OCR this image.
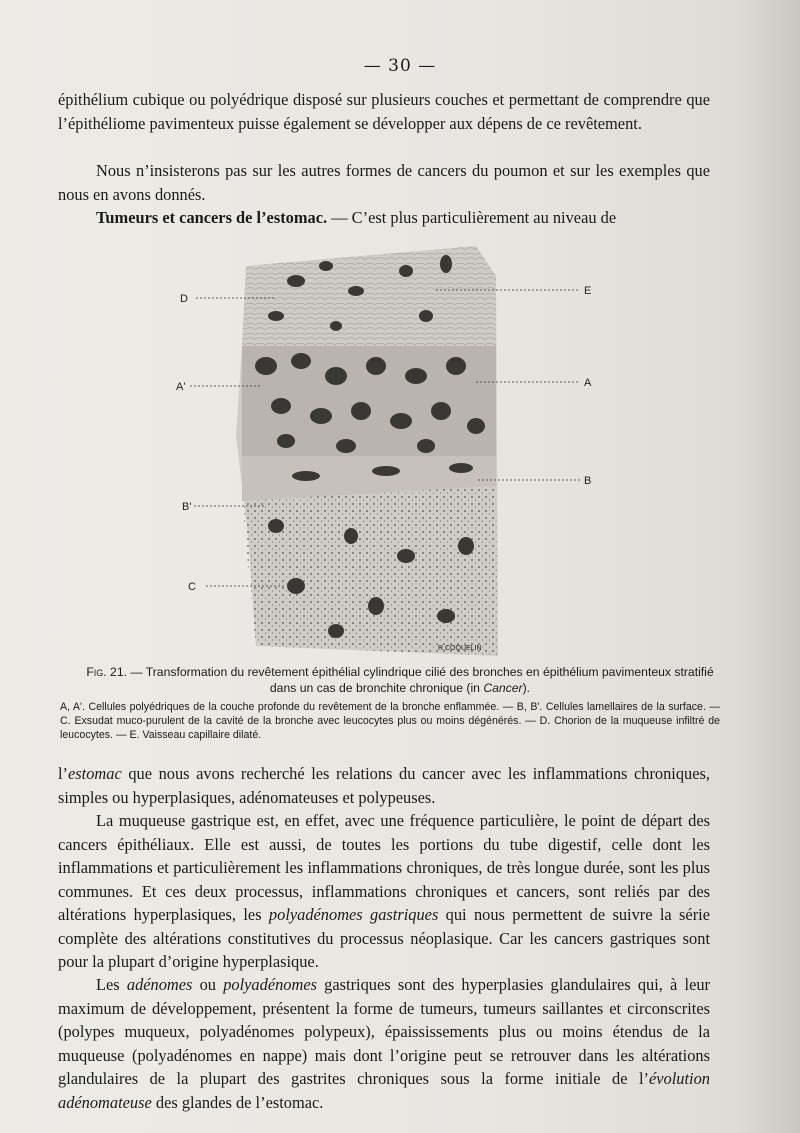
— 30 —

épithélium cubique ou polyédrique disposé sur plusieurs couches et permettant de comprendre que l’épithéliome pavimenteux puisse également se développer aux dépens de ce revêtement.

Nous n’insisterons pas sur les autres formes de cancers du poumon et sur les exemples que nous en avons donnés.

Tumeurs et cancers de l’estomac. — C’est plus particulièrement au niveau de

D
A'
B'
C
E
A
B
R.COQUELIN
Fig. 21. — Transformation du revêtement épithélial cylindrique cilié des bronches en épithélium pavimenteux stratifié dans un cas de bronchite chronique (in Cancer).
A, A'. Cellules polyédriques de la couche profonde du revêtement de la bronche enflammée. — B, B'. Cellules lamellaires de la surface. — C. Exsudat muco-purulent de la cavité de la bronche avec leucocytes plus ou moins dégénérés. — D. Chorion de la muqueuse infiltré de leucocytes. — E. Vaisseau capillaire dilaté.

l’estomac que nous avons recherché les relations du cancer avec les inflammations chroniques, simples ou hyperplasiques, adénomateuses et polypeuses.

La muqueuse gastrique est, en effet, avec une fréquence particulière, le point de départ des cancers épithéliaux. Elle est aussi, de toutes les portions du tube digestif, celle dont les inflammations et particulièrement les inflammations chroniques, de très longue durée, sont les plus communes. Et ces deux processus, inflammations chroniques et cancers, sont reliés par des altérations hyperplasiques, les polyadénomes gastriques qui nous permettent de suivre la série complète des altérations constitutives du processus néoplasique. Car les cancers gastriques sont pour la plupart d’origine hyperplasique.

Les adénomes ou polyadénomes gastriques sont des hyperplasies glandulaires qui, à leur maximum de développement, présentent la forme de tumeurs, tumeurs saillantes et circonscrites (polypes muqueux, polyadénomes polypeux), épaississements plus ou moins étendus de la muqueuse (polyadénomes en nappe) mais dont l’origine peut se retrouver dans les altérations glandulaires de la plupart des gastrites chroniques sous la forme initiale de l’évolution adénomateuse des glandes de l’estomac.
